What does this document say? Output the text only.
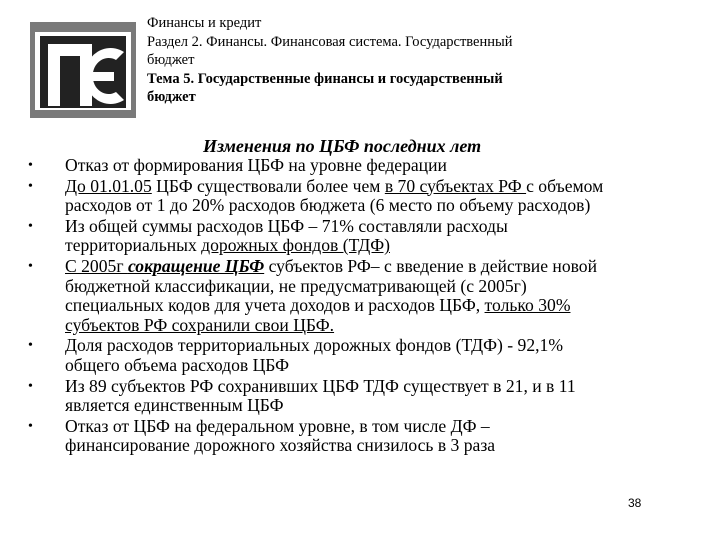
Финансы и кредит
Раздел 2. Финансы. Финансовая система. Государственный
бюджет
Тема 5. Государственные финансы и государственный
бюджет
Изменения по ЦБФ последних лет
• Отказ от формирования ЦБФ на уровне федерации
• До 01.01.05 ЦБФ существовали более чем в 70 субъектах РФ с объемом
расходов от 1 до 20% расходов бюджета (6 место по объему расходов)
• Из общей суммы расходов ЦБФ – 71% составляли расходы
территориальных дорожных фондов (ТДФ)
• С 2005г сокращение ЦБФ субъектов РФ– с введение в действие новой
бюджетной классификации, не предусматривающей (с 2005г)
специальных кодов для учета доходов и расходов ЦБФ, только 30%
субъектов РФ сохранили свои ЦБФ.
• Доля расходов территориальных дорожных фондов (ТДФ) - 92,1%
общего объема расходов ЦБФ
• Из 89 субъектов РФ сохранивших ЦБФ ТДФ существует в 21, и в 11
является единственным ЦБФ
• Отказ от ЦБФ на федеральном уровне, в том числе ДФ –
финансирование дорожного хозяйства снизилось в 3 раза
38
